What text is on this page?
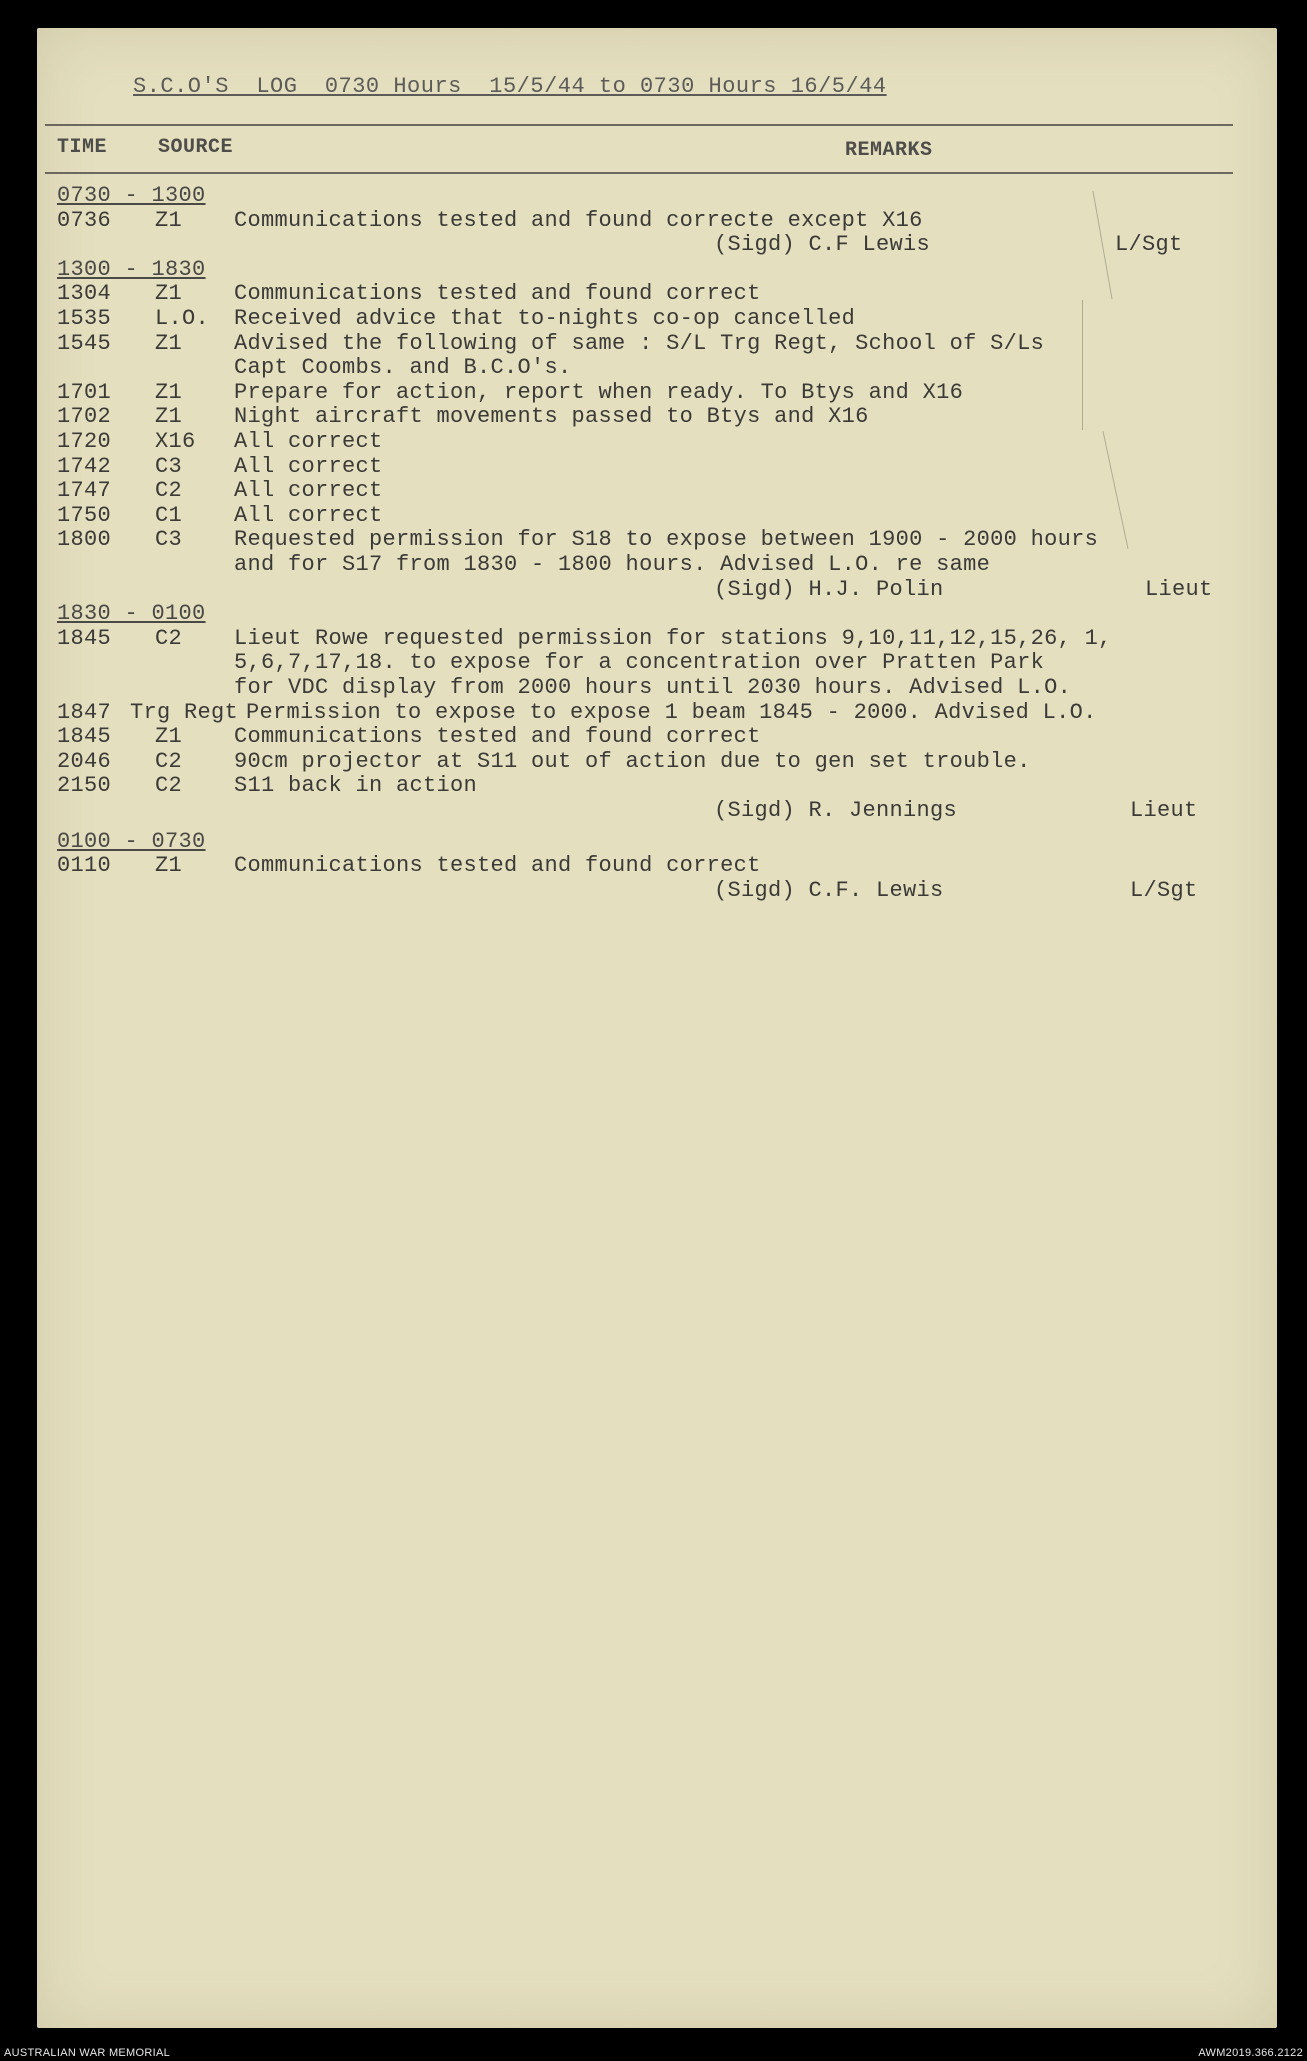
S.C.O'S  LOG  0730 Hours  15/5/44 to 0730 Hours 16/5/44
TIME	SOURCE	REMARKS
0730 - 1300
0736 Z1 Communications tested and found correcte except X16
(Sigd) C.F Lewis	L/Sgt
1300 - 1830
1304 Z1 Communications tested and found correct
1535 L.O. Received advice that to-nights co-op cancelled
1545 Z1 Advised the following of same : S/L Trg Regt, School of S/Ls
Capt Coombs. and B.C.O's.
1701 Z1 Prepare for action, report when ready. To Btys and X16
1702 Z1 Night aircraft movements passed to Btys and X16
1720 X16 All correct
1742 C3 All correct
1747 C2 All correct
1750 C1 All correct
1800 C3 Requested permission for S18 to expose between 1900 - 2000 hours
and for S17 from 1830 - 1800 hours. Advised L.O. re same
(Sigd) H.J. Polin	Lieut
1830 - 0100
1845 C2 Lieut Rowe requested permission for stations 9,10,11,12,15,26, 1,
5,6,7,17,18. to expose for a concentration over Pratten Park
for VDC display from 2000 hours until 2030 hours. Advised L.O.
1847 Trg Regt Permission to expose to expose 1 beam 1845 - 2000. Advised L.O.
1845 Z1 Communications tested and found correct
2046 C2 90cm projector at S11 out of action due to gen set trouble.
2150 C2 S11 back in action
(Sigd) R. Jennings	Lieut
0100 - 0730
0110 Z1 Communications tested and found correct
(Sigd) C.F. Lewis	L/Sgt
AUSTRALIAN WAR MEMORIAL	AWM2019.366.2122
